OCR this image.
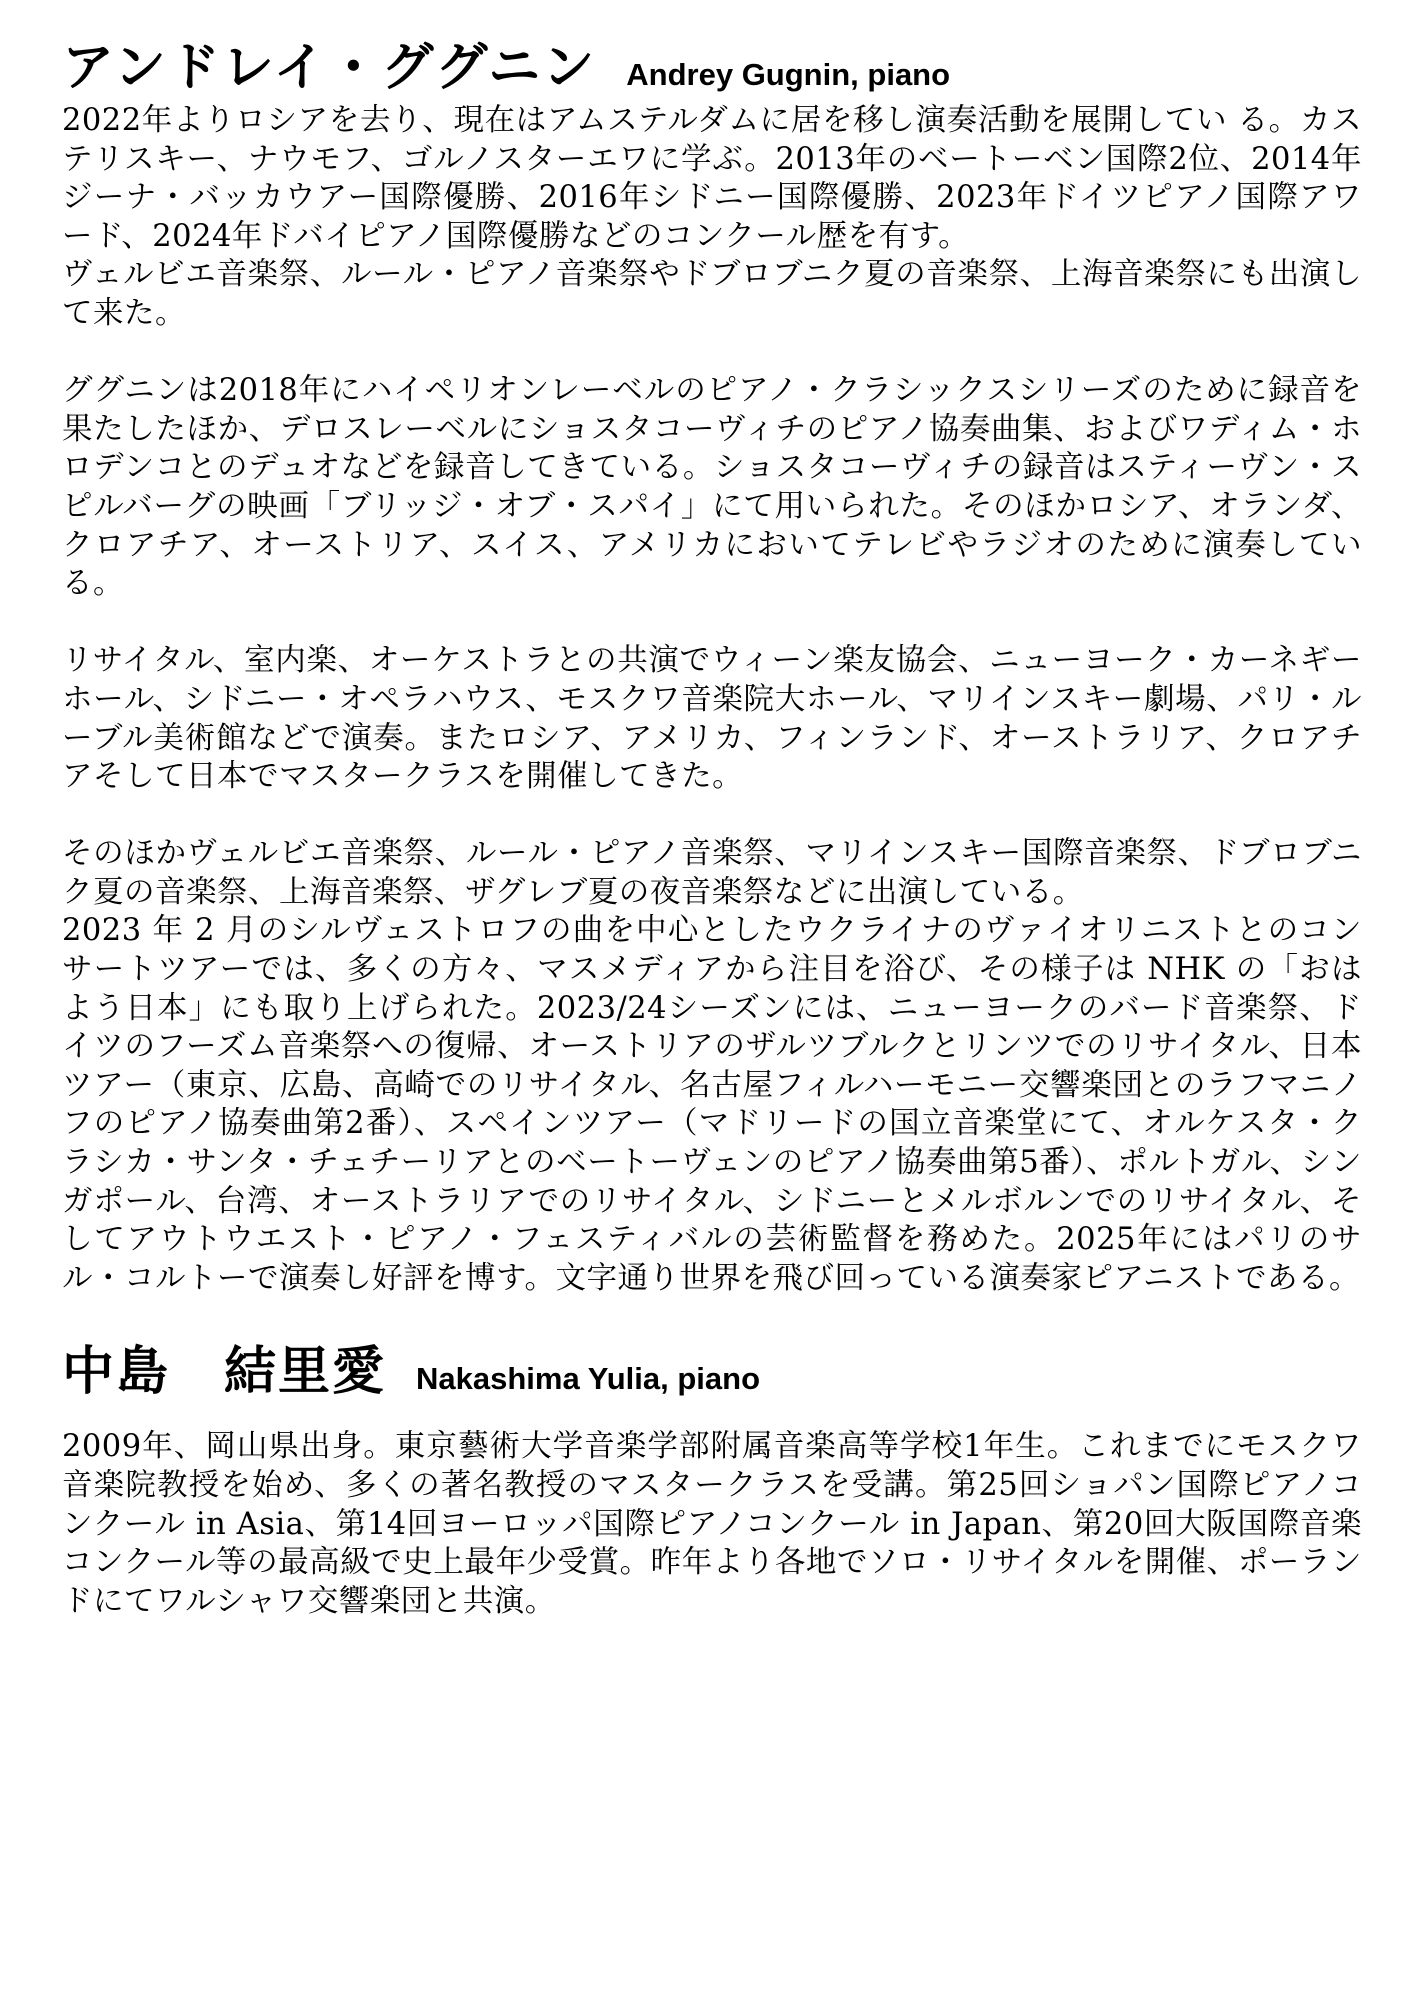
アンドレイ・ググニン Andrey Gugnin, piano

2022年よりロシアを去り、現在はアムステルダムに居を移し演奏活動を展開してい る。カステリスキー、ナウモフ、ゴルノスターエワに学ぶ。2013年のベートーベン国際2位、2014年ジーナ・バッカウアー国際優勝、2016年シドニー国際優勝、2023年ドイツピアノ国際アワード、2024年ドバイピアノ国際優勝などのコンクール歴を有す。

ヴェルビエ音楽祭、ルール・ピアノ音楽祭やドブロブニク夏の音楽祭、上海音楽祭にも出演して来た。

ググニンは2018年にハイペリオンレーベルのピアノ・クラシックスシリーズのために録音を果たしたほか、デロスレーベルにショスタコーヴィチのピアノ協奏曲集、およびワディム・ホロデンコとのデュオなどを録音してきている。ショスタコーヴィチの録音はスティーヴン・スピルバーグの映画「ブリッジ・オブ・スパイ」にて用いられた。そのほかロシア、オランダ、クロアチア、オーストリア、スイス、アメリカにおいてテレビやラジオのために演奏している。

リサイタル、室内楽、オーケストラとの共演でウィーン楽友協会、ニューヨーク・カーネギーホール、シドニー・オペラハウス、モスクワ音楽院大ホール、マリインスキー劇場、パリ・ルーブル美術館などで演奏。またロシア、アメリカ、フィンランド、オーストラリア、クロアチアそして日本でマスタークラスを開催してきた。

そのほかヴェルビエ音楽祭、ルール・ピアノ音楽祭、マリインスキー国際音楽祭、ドブロブニク夏の音楽祭、上海音楽祭、ザグレブ夏の夜音楽祭などに出演している。

2023 年 2 月のシルヴェストロフの曲を中心としたウクライナのヴァイオリニストとのコンサートツアーでは、多くの方々、マスメディアから注目を浴び、その様子は NHK の「おはよう日本」にも取り上げられた。2023/24シーズンには、ニューヨークのバード音楽祭、ドイツのフーズム音楽祭への復帰、オーストリアのザルツブルクとリンツでのリサイタル、日本ツアー（東京、広島、高崎でのリサイタル、名古屋フィルハーモニー交響楽団とのラフマニノフのピアノ協奏曲第2番）、スペインツアー（マドリードの国立音楽堂にて、オルケスタ・クラシカ・サンタ・チェチーリアとのベートーヴェンのピアノ協奏曲第5番）、ポルトガル、シンガポール、台湾、オーストラリアでのリサイタル、シドニーとメルボルンでのリサイタル、そしてアウトウエスト・ピアノ・フェスティバルの芸術監督を務めた。2025年にはパリのサル・コルトーで演奏し好評を博す。文字通り世界を飛び回っている演奏家ピアニストである。

中島　結里愛 Nakashima Yulia, piano

2009年、岡山県出身。東京藝術大学音楽学部附属音楽高等学校1年生。これまでにモスクワ音楽院教授を始め、多くの著名教授のマスタークラスを受講。第25回ショパン国際ピアノコンクール in Asia、第14回ヨーロッパ国際ピアノコンクール in Japan、第20回大阪国際音楽コンクール等の最高級で史上最年少受賞。昨年より各地でソロ・リサイタルを開催、ポーランドにてワルシャワ交響楽団と共演。
